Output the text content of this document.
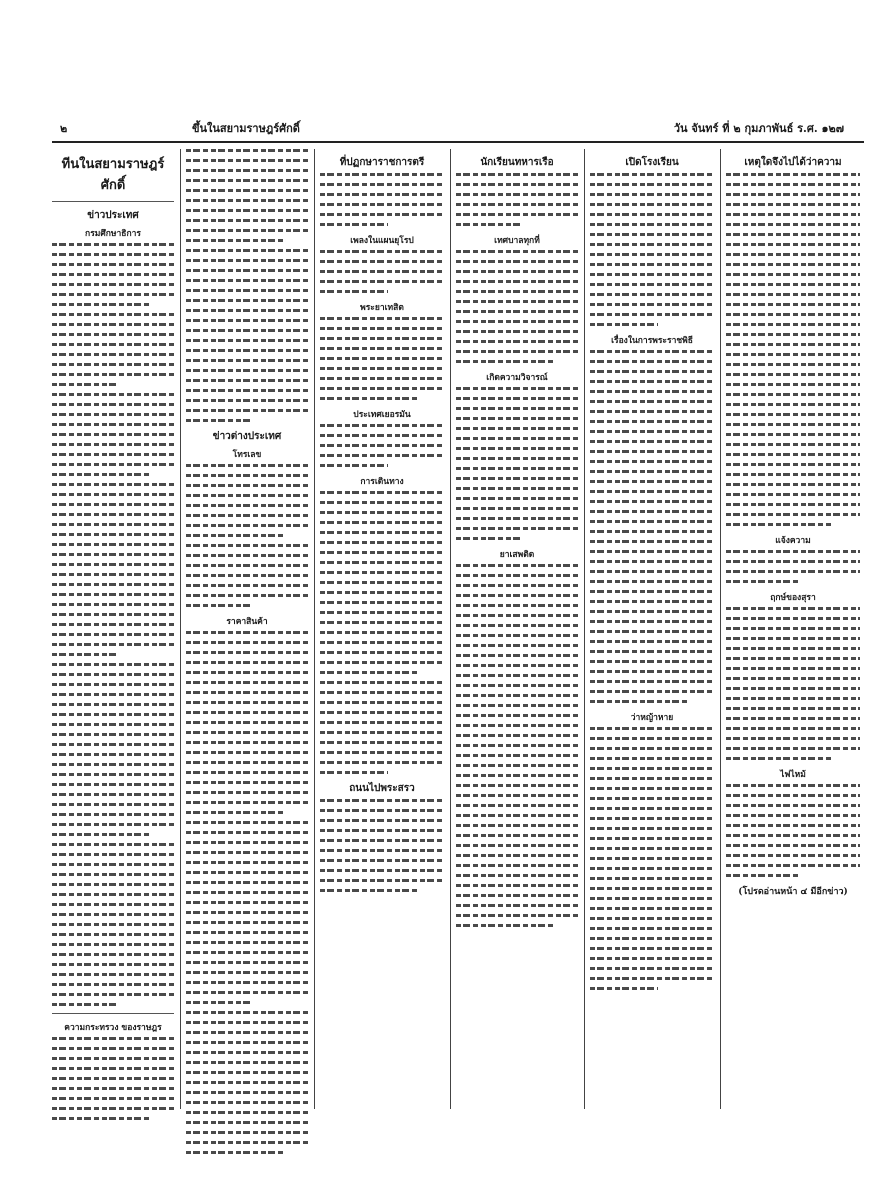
๒	ขึ้นในสยามราษฎร์ศักดิ์	วัน จันทร์ ที่ ๒ กุมภาพันธ์ ร.ศ. ๑๒๗
ทีนในสยามราษฎร์ศักดิ์
ข่าวประเทศ
กรมศึกษาธิการ
ความกระทรวง ของราษฎร
ข่าวต่างประเทศ
โทรเลข
ราคาสินค้า
ที่ปฏกษาราชการตรี
เพลงในแผนยุโรป
พระยาเทสิต
ประเทศเยอรมัน
การเดินทาง
ถนนไปพระสรว
นักเรียนทหารเรือ
เทศบาลทุกที่
เกิดความวิจารณ์
ยาเสพติด
เปิดโรงเรียน
เรื่องในการพระราชพิธี
ว่าหญ้าหาย
เหตุใดจึงไปได้ว่าความ
แจ้งความ
ฤกษ์ของสุรา
ไฟไหม้
(โปรดอ่านหน้า ๔ มีอีกข่าว)
